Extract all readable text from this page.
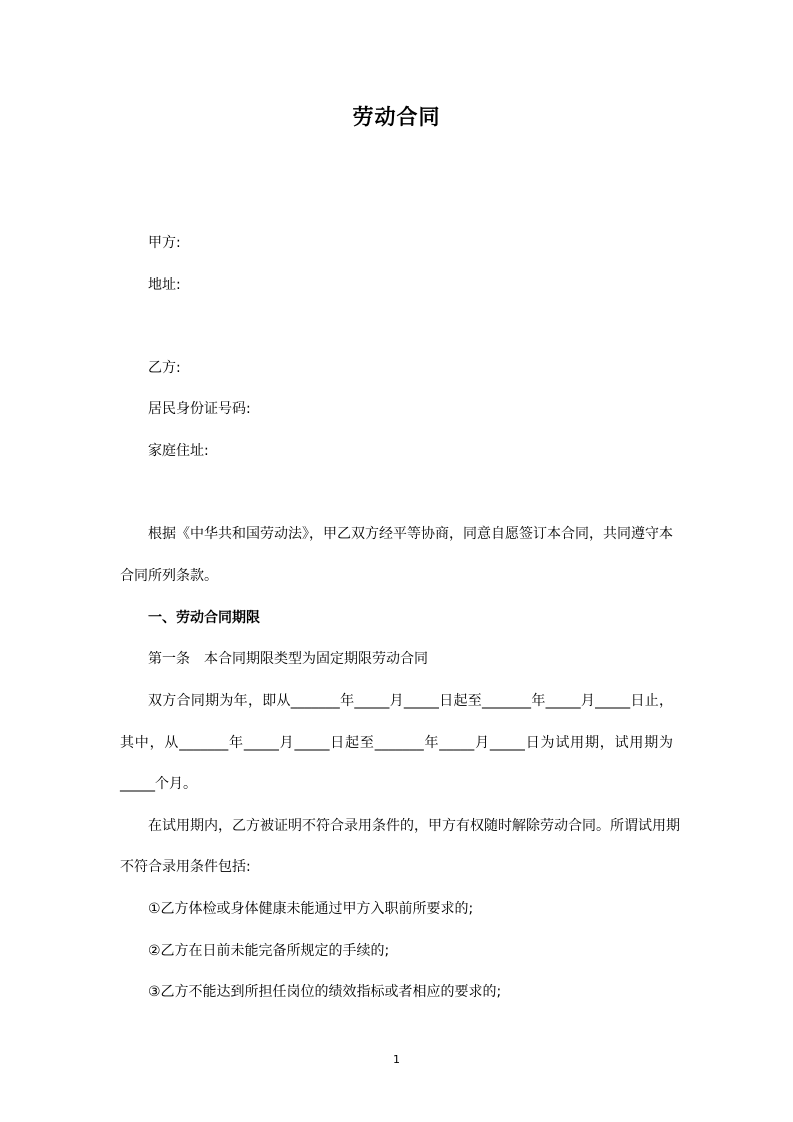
劳动合同
甲方:
地址:
乙方:
居民身份证号码:
家庭住址:
根据《中华共和国劳动法》，甲乙双方经平等协商，同意自愿签订本合同，共同遵守本
合同所列条款。
一、劳动合同期限
第一条　本合同期限类型为固定期限劳动合同
双方合同期为年，即从_______年_____月_____日起至_______年_____月_____日止，
其中，从_______年_____月_____日起至_______年_____月_____日为试用期，试用期为
_____个月。
在试用期内，乙方被证明不符合录用条件的，甲方有权随时解除劳动合同。所谓试用期
不符合录用条件包括:
①乙方体检或身体健康未能通过甲方入职前所要求的;
②乙方在日前未能完备所规定的手续的;
③乙方不能达到所担任岗位的绩效指标或者相应的要求的;
1
